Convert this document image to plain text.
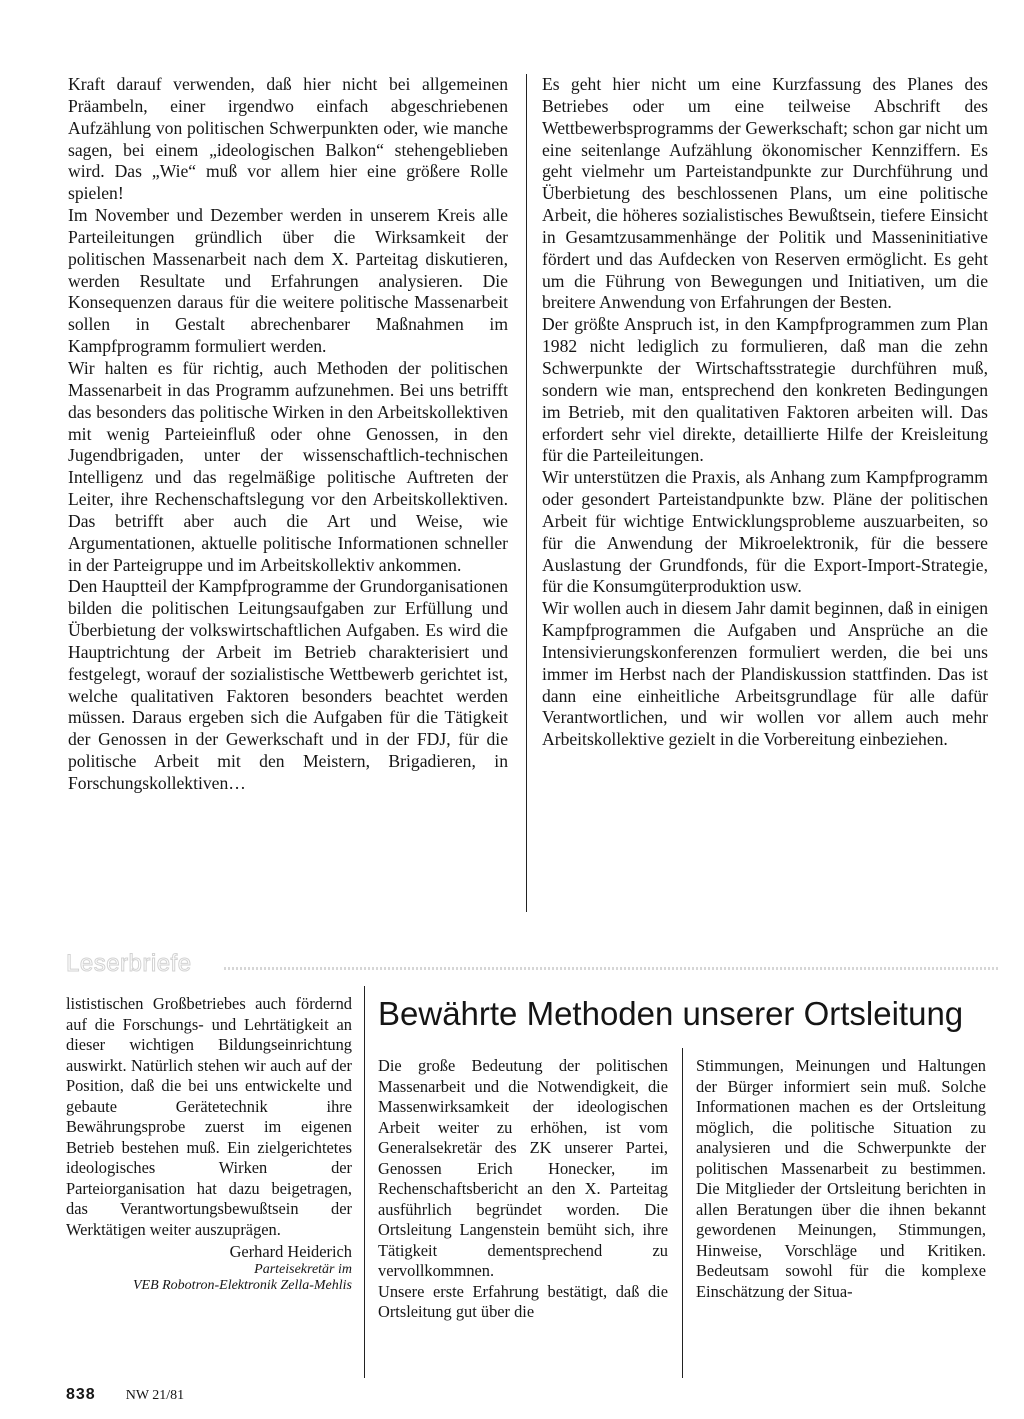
Kraft darauf verwenden, daß hier nicht bei allgemeinen Präambeln, einer irgendwo einfach abgeschriebenen Aufzählung von politischen Schwerpunkten oder, wie manche sagen, bei einem „ideologischen Balkon“ stehengeblieben wird. Das „Wie“ muß vor allem hier eine größere Rolle spielen!

Im November und Dezember werden in unserem Kreis alle Parteileitungen gründlich über die Wirksamkeit der politischen Massenarbeit nach dem X. Parteitag diskutieren, werden Resultate und Erfahrungen analysieren. Die Konsequenzen daraus für die weitere politische Massenarbeit sollen in Gestalt abrechenbarer Maßnahmen im Kampfprogramm formuliert werden.

Wir halten es für richtig, auch Methoden der politischen Massenarbeit in das Programm aufzunehmen. Bei uns betrifft das besonders das politische Wirken in den Arbeitskollektiven mit wenig Parteieinfluß oder ohne Genossen, in den Jugendbrigaden, unter der wissenschaftlich-technischen Intelligenz und das regelmäßige politische Auftreten der Leiter, ihre Rechenschaftslegung vor den Arbeitskollektiven. Das betrifft aber auch die Art und Weise, wie Argumentationen, aktuelle politische Informationen schneller in der Parteigruppe und im Arbeitskollektiv ankommen.

Den Hauptteil der Kampfprogramme der Grundorganisationen bilden die politischen Leitungsaufgaben zur Erfüllung und Überbietung der volkswirtschaftlichen Aufgaben. Es wird die Hauptrichtung der Arbeit im Betrieb charakterisiert und festgelegt, worauf der sozialistische Wettbewerb gerichtet ist, welche qualitativen Faktoren besonders beachtet werden müssen. Daraus ergeben sich die Aufgaben für die Tätigkeit der Genossen in der Gewerkschaft und in der FDJ, für die politische Arbeit mit den Meistern, Brigadieren, in Forschungskollektiven…

Es geht hier nicht um eine Kurzfassung des Planes des Betriebes oder um eine teilweise Abschrift des Wettbewerbsprogramms der Gewerkschaft; schon gar nicht um eine seitenlange Aufzählung ökonomischer Kennziffern. Es geht vielmehr um Parteistandpunkte zur Durchführung und Überbietung des beschlossenen Plans, um eine politische Arbeit, die höheres sozialistisches Bewußtsein, tiefere Einsicht in Gesamtzusammenhänge der Politik und Masseninitiative fördert und das Aufdecken von Reserven ermöglicht. Es geht um die Führung von Bewegungen und Initiativen, um die breitere Anwendung von Erfahrungen der Besten.

Der größte Anspruch ist, in den Kampfprogrammen zum Plan 1982 nicht lediglich zu formulieren, daß man die zehn Schwerpunkte der Wirtschaftsstrategie durchführen muß, sondern wie man, entsprechend den konkreten Bedingungen im Betrieb, mit den qualitativen Faktoren arbeiten will. Das erfordert sehr viel direkte, detaillierte Hilfe der Kreisleitung für die Parteileitungen.

Wir unterstützen die Praxis, als Anhang zum Kampfprogramm oder gesondert Parteistandpunkte bzw. Pläne der politischen Arbeit für wichtige Entwicklungsprobleme auszuarbeiten, so für die Anwendung der Mikroelektronik, für die bessere Auslastung der Grundfonds, für die Export-Import-Strategie, für die Konsumgüterproduktion usw.

Wir wollen auch in diesem Jahr damit beginnen, daß in einigen Kampfprogrammen die Aufgaben und Ansprüche an die Intensivierungskonferenzen formuliert werden, die bei uns immer im Herbst nach der Plandiskussion stattfinden. Das ist dann eine einheitliche Arbeitsgrundlage für alle dafür Verantwortlichen, und wir wollen vor allem auch mehr Arbeitskollektive gezielt in die Vorbereitung einbeziehen.

Leserbriefe

lististischen Großbetriebes auch fördernd auf die Forschungs- und Lehrtätigkeit an dieser wichtigen Bildungseinrichtung auswirkt. Natürlich stehen wir auch auf der Position, daß die bei uns entwickelte und gebaute Gerätetechnik ihre Bewährungsprobe zuerst im eigenen Betrieb bestehen muß. Ein zielgerichtetes ideologisches Wirken der Parteiorganisation hat dazu beigetragen, das Verantwortungsbewußtsein der Werktätigen weiter auszuprägen.

Gerhard Heiderich
Parteisekretär im
VEB Robotron-Elektronik Zella-Mehlis
Bewährte Methoden unserer Ortsleitung

Die große Bedeutung der politischen Massenarbeit und die Notwendigkeit, die Massenwirksamkeit der ideologischen Arbeit weiter zu erhöhen, ist vom Generalsekretär des ZK unserer Partei, Genossen Erich Honecker, im Rechenschaftsbericht an den X. Parteitag ausführlich begründet worden. Die Ortsleitung Langenstein bemüht sich, ihre Tätigkeit dementsprechend zu vervollkommnen.

Unsere erste Erfahrung bestätigt, daß die Ortsleitung gut über die

Stimmungen, Meinungen und Haltungen der Bürger informiert sein muß. Solche Informationen machen es der Ortsleitung möglich, die politische Situation zu analysieren und die Schwerpunkte der politischen Massenarbeit zu bestimmen. Die Mitglieder der Ortsleitung berichten in allen Beratungen über die ihnen bekannt gewordenen Meinungen, Stimmungen, Hinweise, Vorschläge und Kritiken. Bedeutsam sowohl für die komplexe Einschätzung der Situa-

838 NW 21/81
